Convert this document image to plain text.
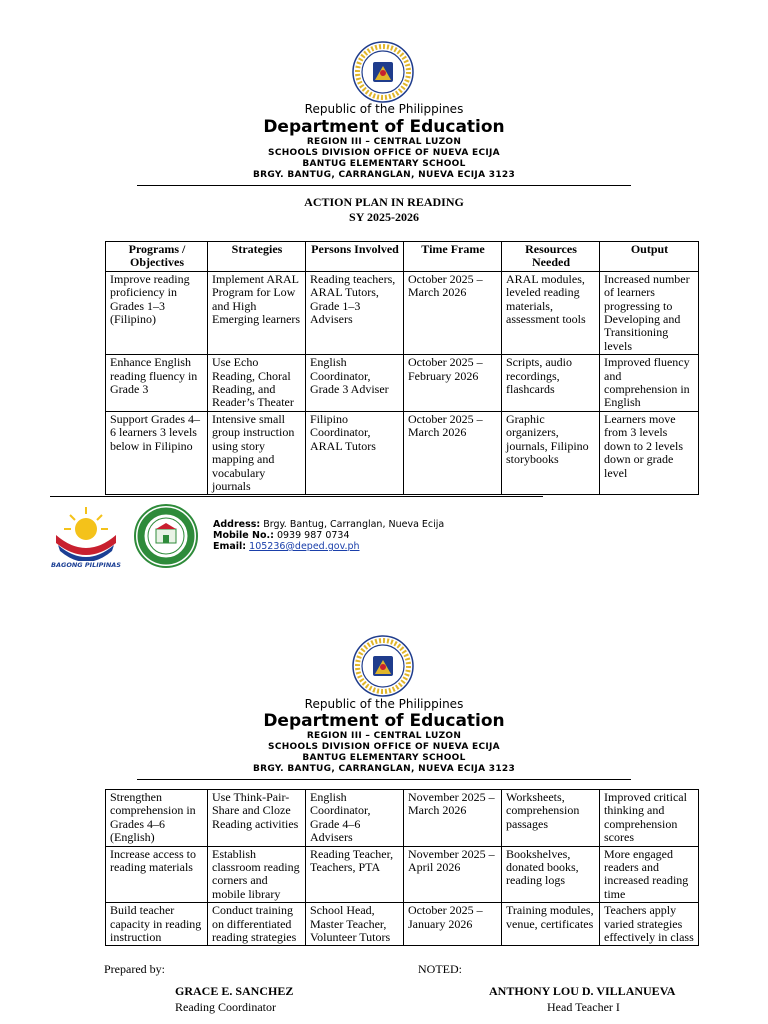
Republic of the Philippines
Department of Education
REGION III – CENTRAL LUZON
SCHOOLS DIVISION OFFICE OF NUEVA ECIJA
BANTUG ELEMENTARY SCHOOL
BRGY. BANTUG, CARRANGLAN, NUEVA ECIJA 3123
ACTION PLAN IN READING
SY 2025-2026
Programs / Objectives	Strategies	Persons Involved	Time Frame	Resources Needed	Output
Improve reading proficiency in Grades 1–3 (Filipino)	Implement ARAL Program for Low and High Emerging learners	Reading teachers, ARAL Tutors, Grade 1–3 Advisers	October 2025 – March 2026	ARAL modules, leveled reading materials, assessment tools	Increased number of learners progressing to Developing and Transitioning levels
Enhance English reading fluency in Grade 3	Use Echo Reading, Choral Reading, and Reader’s Theater	English Coordinator, Grade 3 Adviser	October 2025 – February 2026	Scripts, audio recordings, flashcards	Improved fluency and comprehension in English
Support Grades 4–6 learners 3 levels below in Filipino	Intensive small group instruction using story mapping and vocabulary journals	Filipino Coordinator, ARAL Tutors	October 2025 – March 2026	Graphic organizers, journals, Filipino storybooks	Learners move from 3 levels down to 2 levels down or grade level
BAGONG PILIPINAS
Address: Brgy. Bantug, Carranglan, Nueva Ecija
Mobile No.: 0939 987 0734
Email: 105236@deped.gov.ph
Republic of the Philippines
Department of Education
REGION III – CENTRAL LUZON
SCHOOLS DIVISION OFFICE OF NUEVA ECIJA
BANTUG ELEMENTARY SCHOOL
BRGY. BANTUG, CARRANGLAN, NUEVA ECIJA 3123
Strengthen comprehension in Grades 4–6 (English)	Use Think-Pair-Share and Cloze Reading activities	English Coordinator, Grade 4–6 Advisers	November 2025 – March 2026	Worksheets, comprehension passages	Improved critical thinking and comprehension scores
Increase access to reading materials	Establish classroom reading corners and mobile library	Reading Teacher, Teachers, PTA	November 2025 – April 2026	Bookshelves, donated books, reading logs	More engaged readers and increased reading time
Build teacher capacity in reading instruction	Conduct training on differentiated reading strategies	School Head, Master Teacher, Volunteer Tutors	October 2025 – January 2026	Training modules, venue, certificates	Teachers apply varied strategies effectively in class
Prepared by:
GRACE E. SANCHEZ
Reading Coordinator
NOTED:
ANTHONY LOU D. VILLANUEVA
Head Teacher I
